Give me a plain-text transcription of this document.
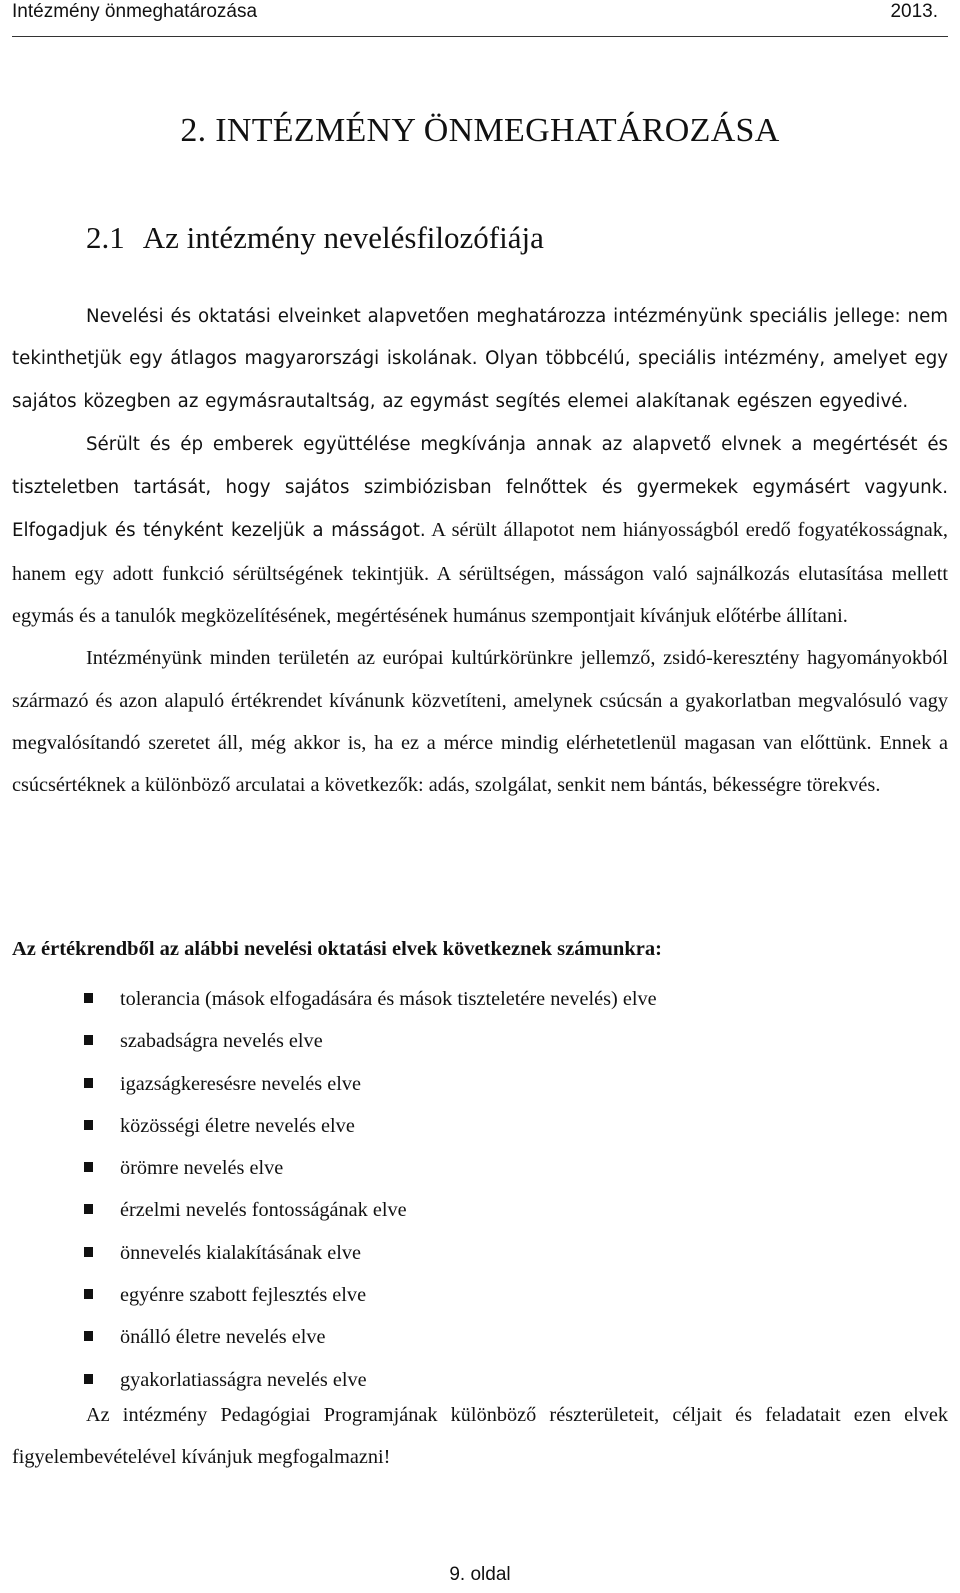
Intézmény önmeghatározása	2013.
2. INTÉZMÉNY ÖNMEGHATÁROZÁSA
2.1 Az intézmény nevelésfilozófiája

Nevelési és oktatási elveinket alapvetően meghatározza intézményünk speciális jellege: nem tekinthetjük egy átlagos magyarországi iskolának. Olyan többcélú, speciális intézmény, amelyet egy sajátos közegben az egymásrautaltság, az egymást segítés elemei alakítanak egészen egyedivé.

Sérült és ép emberek együttélése megkívánja annak az alapvető elvnek a megértését és tiszteletben tartását, hogy sajátos szimbiózisban felnőttek és gyermekek egymásért vagyunk. Elfogadjuk és tényként kezeljük a másságot. A sérült állapotot nem hiányosságból eredő fogyatékosságnak, hanem egy adott funkció sérültségének tekintjük. A sérültségen, másságon való sajnálkozás elutasítása mellett egymás és a tanulók megközelítésének, megértésének humánus szempontjait kívánjuk előtérbe állítani.

Intézményünk minden területén az európai kultúrkörünkre jellemző, zsidó-keresztény hagyományokból származó és azon alapuló értékrendet kívánunk közvetíteni, amelynek csúcsán a gyakorlatban megvalósuló vagy megvalósítandó szeretet áll, még akkor is, ha ez a mérce mindig elérhetetlenül magasan van előttünk. Ennek a csúcsértéknek a különböző arculatai a következők: adás, szolgálat, senkit nem bántás, békességre törekvés.

Az értékrendből az alábbi nevelési oktatási elvek következnek számunkra:
tolerancia (mások elfogadására és mások tiszteletére nevelés) elve
szabadságra nevelés elve
igazságkeresésre nevelés elve
közösségi életre nevelés elve
örömre nevelés elve
érzelmi nevelés fontosságának elve
önnevelés kialakításának elve
egyénre szabott fejlesztés elve
önálló életre nevelés elve
gyakorlatiasságra nevelés elve

Az intézmény Pedagógiai Programjának különböző részterületeit, céljait és feladatait ezen elvek figyelembevételével kívánjuk megfogalmazni!

9. oldal
